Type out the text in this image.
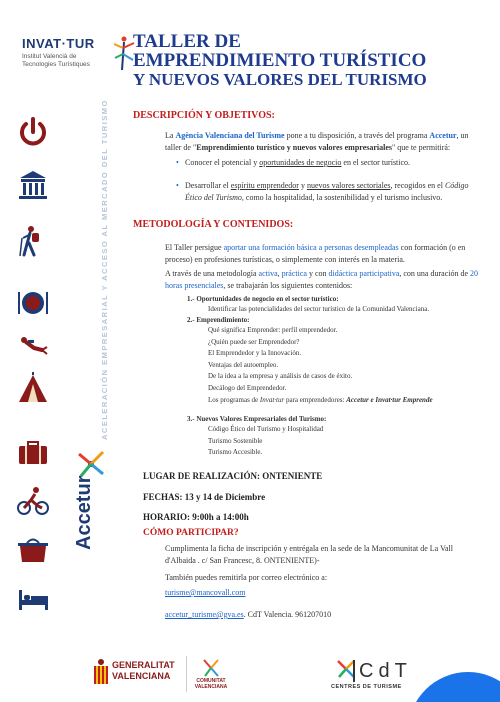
INVAT·TUR
Institut Valencià de Tecnologies Turístiques
TALLER DE
EMPRENDIMIENTO TURÍSTICO
Y NUEVOS VALORES DEL TURISMO
ACELERACIÓN EMPRESARIAL Y ACCESO AL MERCADO DEL TURISMO
Accetur
DESCRIPCIÓN Y OBJETIVOS:
La Agència Valenciana del Turisme pone a tu disposición, a través del programa Accetur, un taller de "Emprendimiento turístico y nuevos valores empresariales" que te permitirá:
• Conocer el potencial y oportunidades de negocio en el sector turístico.
• Desarrollar el espíritu emprendedor y nuevos valores sectoriales, recogidos en el Código Ético del Turismo, como la hospitalidad, la sostenibilidad y el turismo inclusivo.
METODOLOGÍA Y CONTENIDOS:
El Taller persigue aportar una formación básica a personas desempleadas con formación (o en proceso) en profesiones turísticas, o simplemente con interés en la materia.
A través de una metodología activa, práctica y con didáctica participativa, con una duración de 20 horas presenciales, se trabajarán los siguientes contenidos:
1.- Oportunidades de negocio en el sector turístico:
Identificar las potencialidades del sector turístico de la Comunidad Valenciana.
2.- Emprendimiento:
Qué significa Emprender: perfil emprendedor.
¿Quién puede ser Emprendedor?
El Emprendedor y la Innovación.
Ventajas del autoempleo.
De la idea a la empresa y análisis de casos de éxito.
Decálogo del Emprendedor.
Los programas de Invat·tur para emprendedores: Accetur e Invat·tur Emprende
3.- Nuevos Valores Empresariales del Turismo:
Código Ético del Turismo y Hospitalidad
Turismo Sostenible
Turismo Accesible.
LUGAR DE REALIZACIÓN: ONTENIENTE
FECHAS: 13 y 14 de Diciembre
HORARIO: 9:00h a 14:00h
CÓMO PARTICIPAR?
Cumplimenta la ficha de inscripción y entrégala en la sede de la Mancomunitat de La Vall d'Albaida . c/ San Francesc, 8. ONTENIENTE)-
También puedes remitirla por correo electrónico a:
turisme@mancovall.com
accetur_turisme@gva.es. CdT Valencia. 961207010
GENERALITAT
VALENCIANA	COMUNITAT
VALENCIANA
CdT
CENTRES DE TURISME
